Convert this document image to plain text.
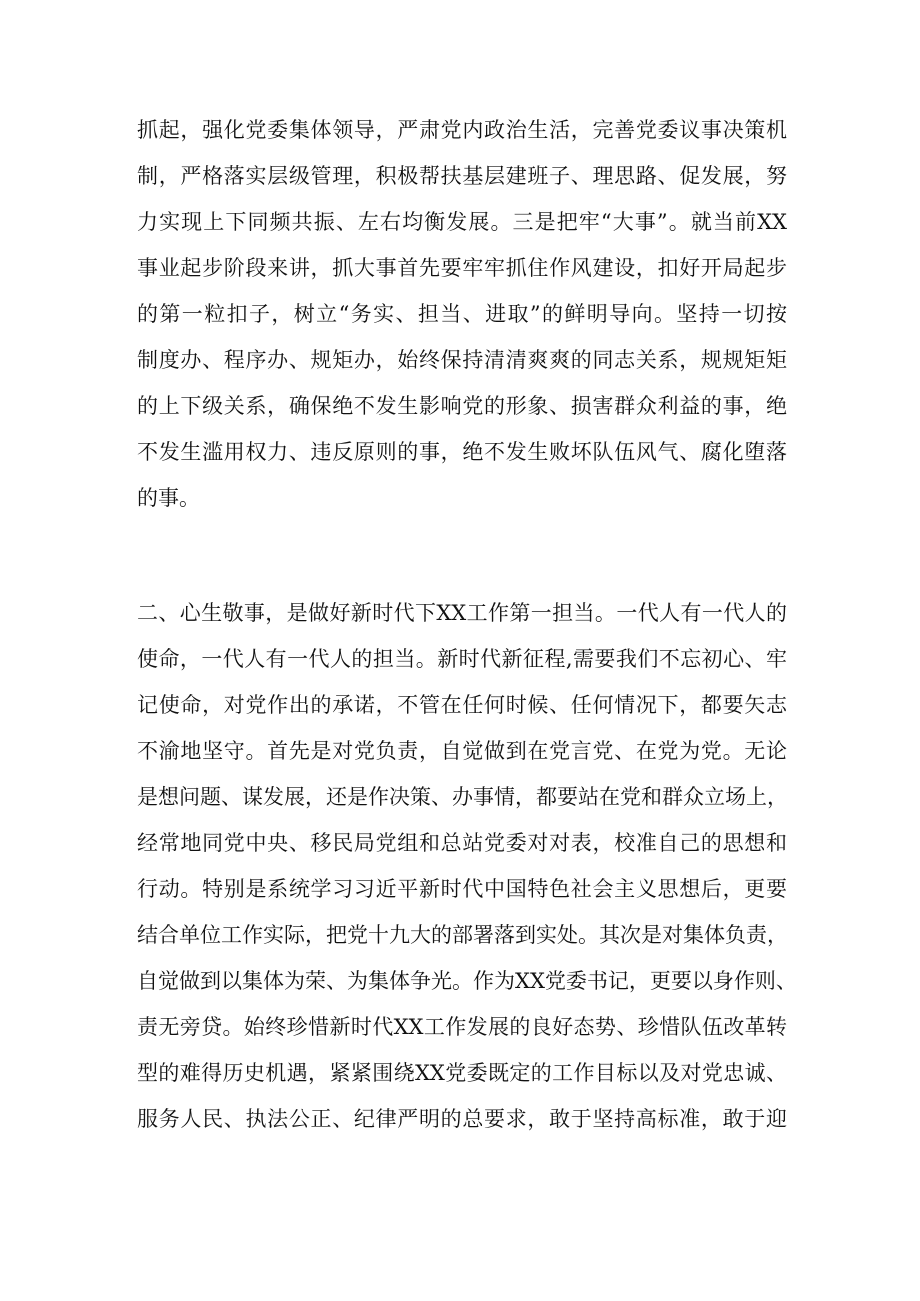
抓起，强化党委集体领导，严肃党内政治生活，完善党委议事决策机
制，严格落实层级管理，积极帮扶基层建班子、理思路、促发展，努
力实现上下同频共振、左右均衡发展。三是把牢“大事”。就当前XX
事业起步阶段来讲，抓大事首先要牢牢抓住作风建设，扣好开局起步
的第一粒扣子，树立“务实、担当、进取”的鲜明导向。坚持一切按
制度办、程序办、规矩办，始终保持清清爽爽的同志关系，规规矩矩
的上下级关系，确保绝不发生影响党的形象、损害群众利益的事，绝
不发生滥用权力、违反原则的事，绝不发生败坏队伍风气、腐化堕落
的事。
二、心生敬事，是做好新时代下XX工作第一担当。一代人有一代人的
使命，一代人有一代人的担当。新时代新征程,需要我们不忘初心、牢
记使命，对党作出的承诺，不管在任何时候、任何情况下，都要矢志
不渝地坚守。首先是对党负责，自觉做到在党言党、在党为党。无论
是想问题、谋发展，还是作决策、办事情，都要站在党和群众立场上，
经常地同党中央、移民局党组和总站党委对对表，校准自己的思想和
行动。特别是系统学习习近平新时代中国特色社会主义思想后，更要
结合单位工作实际，把党十九大的部署落到实处。其次是对集体负责，
自觉做到以集体为荣、为集体争光。作为XX党委书记，更要以身作则、
责无旁贷。始终珍惜新时代XX工作发展的良好态势、珍惜队伍改革转
型的难得历史机遇，紧紧围绕XX党委既定的工作目标以及对党忠诚、
服务人民、执法公正、纪律严明的总要求，敢于坚持高标准，敢于迎
